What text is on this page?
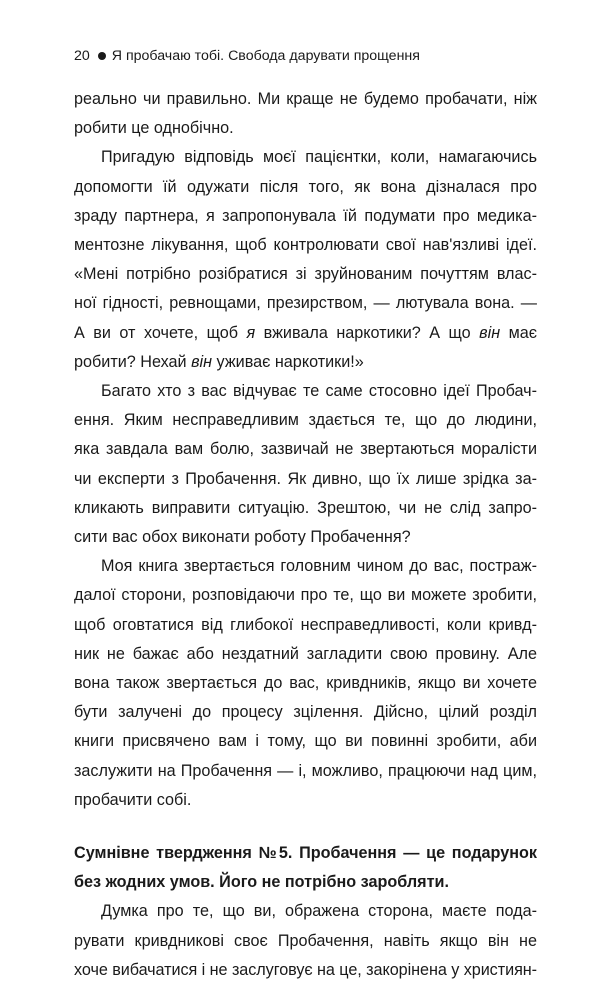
20 Я пробачаю тобі. Свобода дарувати прощення
реально чи правильно. Ми краще не будемо пробачати, ніж
робити це однобічно.
Пригадую відповідь моєї пацієнтки, коли, намагаючись
допомогти їй одужати після того, як вона дізналася про
зраду партнера, я запропонувала їй подумати про медика-
ментозне лікування, щоб контролювати свої нав'язливі ідеї.
«Мені потрібно розібратися зі зруйнованим почуттям влас-
ної гідності, ревнощами, презирством, — лютувала вона. —
А ви от хочете, щоб я вживала наркотики? А що він має
робити? Нехай він уживає наркотики!»
Багато хто з вас відчуває те саме стосовно ідеї Пробач-
ення. Яким несправедливим здається те, що до людини,
яка завдала вам болю, зазвичай не звертаються моралісти
чи експерти з Пробачення. Як дивно, що їх лише зрідка за-
кликають виправити ситуацію. Зрештою, чи не слід запро-
сити вас обох виконати роботу Пробачення?
Моя книга звертається головним чином до вас, постраж-
далої сторони, розповідаючи про те, що ви можете зробити,
щоб оговтатися від глибокої несправедливості, коли кривд-
ник не бажає або нездатний загладити свою провину. Але
вона також звертається до вас, кривдників, якщо ви хочете
бути залучені до процесу зцілення. Дійсно, цілий розділ
книги присвячено вам і тому, що ви повинні зробити, аби
заслужити на Пробачення — і, можливо, працюючи над цим,
пробачити собі.
Сумнівне твердження №5. Пробачення — це подарунок
без жодних умов. Його не потрібно заробляти.
Думка про те, що ви, ображена сторона, маєте пода-
рувати кривдникові своє Пробачення, навіть якщо він не
хоче вибачатися і не заслуговує на це, закорінена у християн-
